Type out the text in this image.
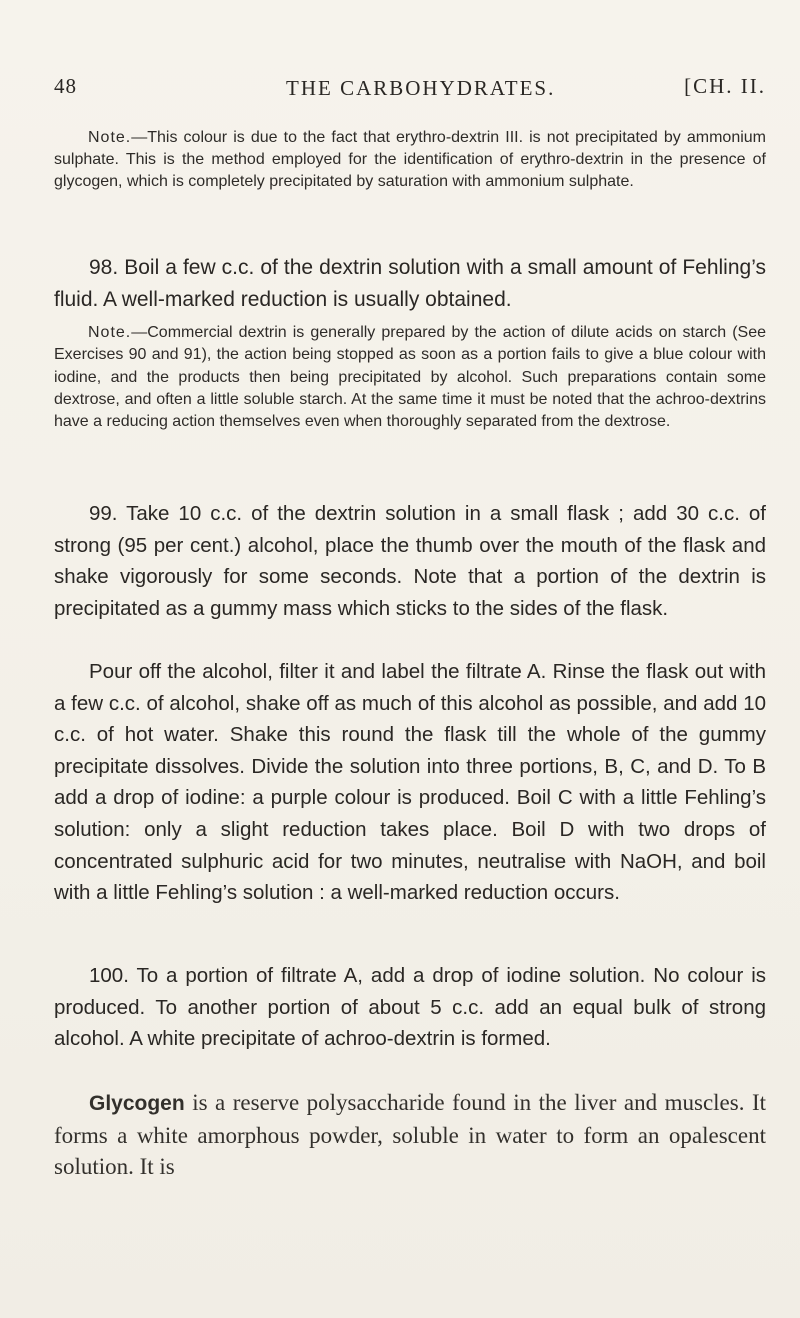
48	THE CARBOHYDRATES.	[CH. II.

Note.—This colour is due to the fact that erythro-dextrin III. is not precipitated by ammonium sulphate. This is the method employed for the identification of erythro-dextrin in the presence of glycogen, which is completely precipitated by saturation with ammonium sulphate.

98. Boil a few c.c. of the dextrin solution with a small amount of Fehling’s fluid. A well-marked reduction is usually obtained.

Note.—Commercial dextrin is generally prepared by the action of dilute acids on starch (See Exercises 90 and 91), the action being stopped as soon as a portion fails to give a blue colour with iodine, and the products then being precipitated by alcohol. Such preparations contain some dextrose, and often a little soluble starch. At the same time it must be noted that the achroo-dextrins have a reducing action themselves even when thoroughly separated from the dextrose.

99. Take 10 c.c. of the dextrin solution in a small flask ; add 30 c.c. of strong (95 per cent.) alcohol, place the thumb over the mouth of the flask and shake vigorously for some seconds. Note that a portion of the dextrin is precipitated as a gummy mass which sticks to the sides of the flask.

Pour off the alcohol, filter it and label the filtrate A. Rinse the flask out with a few c.c. of alcohol, shake off as much of this alcohol as possible, and add 10 c.c. of hot water. Shake this round the flask till the whole of the gummy precipitate dissolves. Divide the solution into three portions, B, C, and D. To B add a drop of iodine: a purple colour is produced. Boil C with a little Fehling’s solution: only a slight reduction takes place. Boil D with two drops of concentrated sulphuric acid for two minutes, neutralise with NaOH, and boil with a little Fehling’s solution : a well-marked reduction occurs.

100. To a portion of filtrate A, add a drop of iodine solution. No colour is produced. To another portion of about 5 c.c. add an equal bulk of strong alcohol. A white precipitate of achroo-dextrin is formed.

Glycogen is a reserve polysaccharide found in the liver and muscles. It forms a white amorphous powder, soluble in water to form an opalescent solution. It is
